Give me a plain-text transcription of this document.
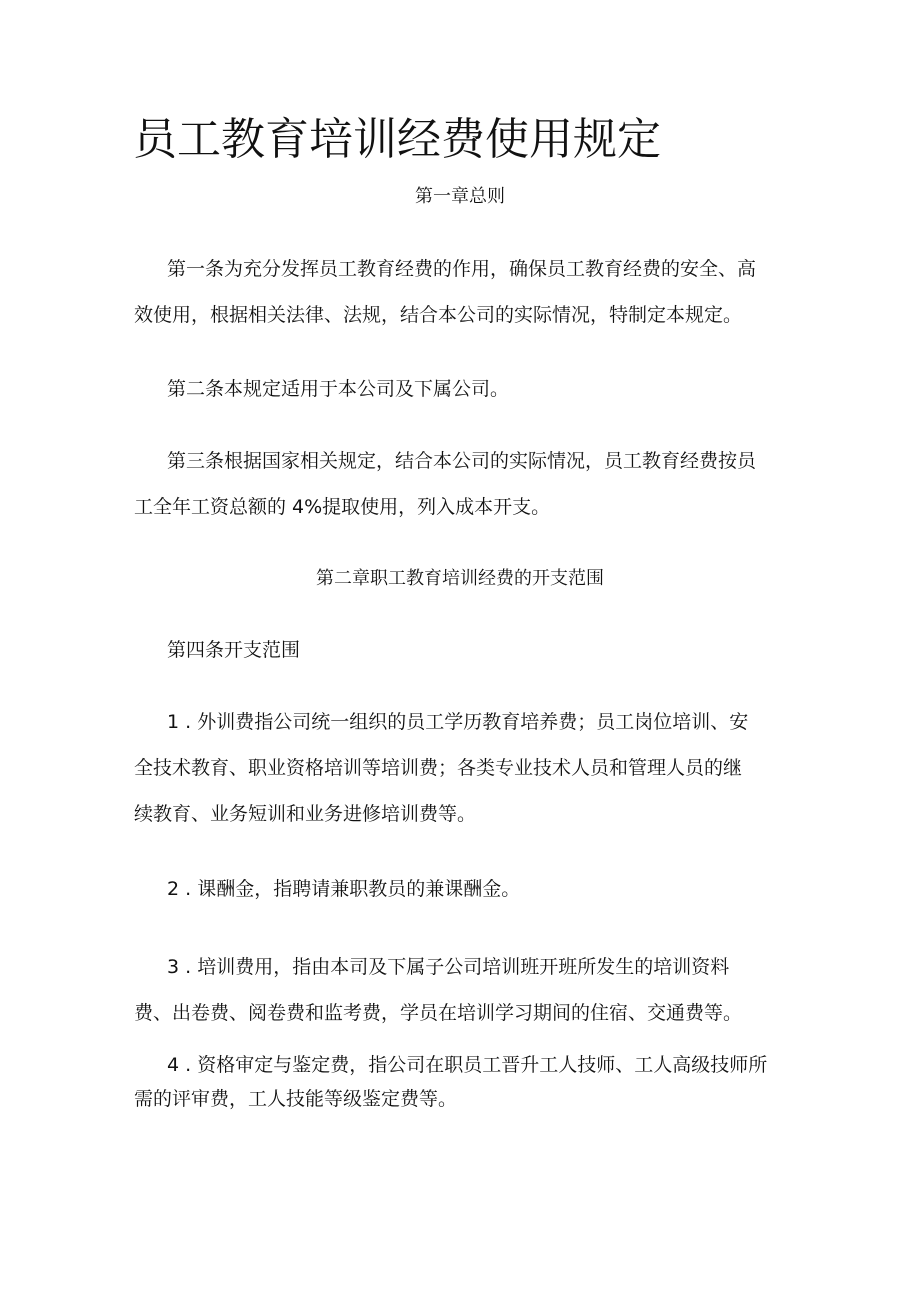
员工教育培训经费使用规定
第一章总则
第一条为充分发挥员工教育经费的作用，确保员工教育经费的安全、高
效使用，根据相关法律、法规，结合本公司的实际情况，特制定本规定。
第二条本规定适用于本公司及下属公司。
第三条根据国家相关规定，结合本公司的实际情况，员工教育经费按员
工全年工资总额的 4%提取使用，列入成本开支。
第二章职工教育培训经费的开支范围
第四条开支范围
1 . 外训费指公司统一组织的员工学历教育培养费；员工岗位培训、安
全技术教育、职业资格培训等培训费；各类专业技术人员和管理人员的继
续教育、业务短训和业务进修培训费等。
2 . 课酬金，指聘请兼职教员的兼课酬金。
3 . 培训费用，指由本司及下属子公司培训班开班所发生的培训资料
费、出卷费、阅卷费和监考费，学员在培训学习期间的住宿、交通费等。
4 . 资格审定与鉴定费，指公司在职员工晋升工人技师、工人高级技师所
需的评审费，工人技能等级鉴定费等。
